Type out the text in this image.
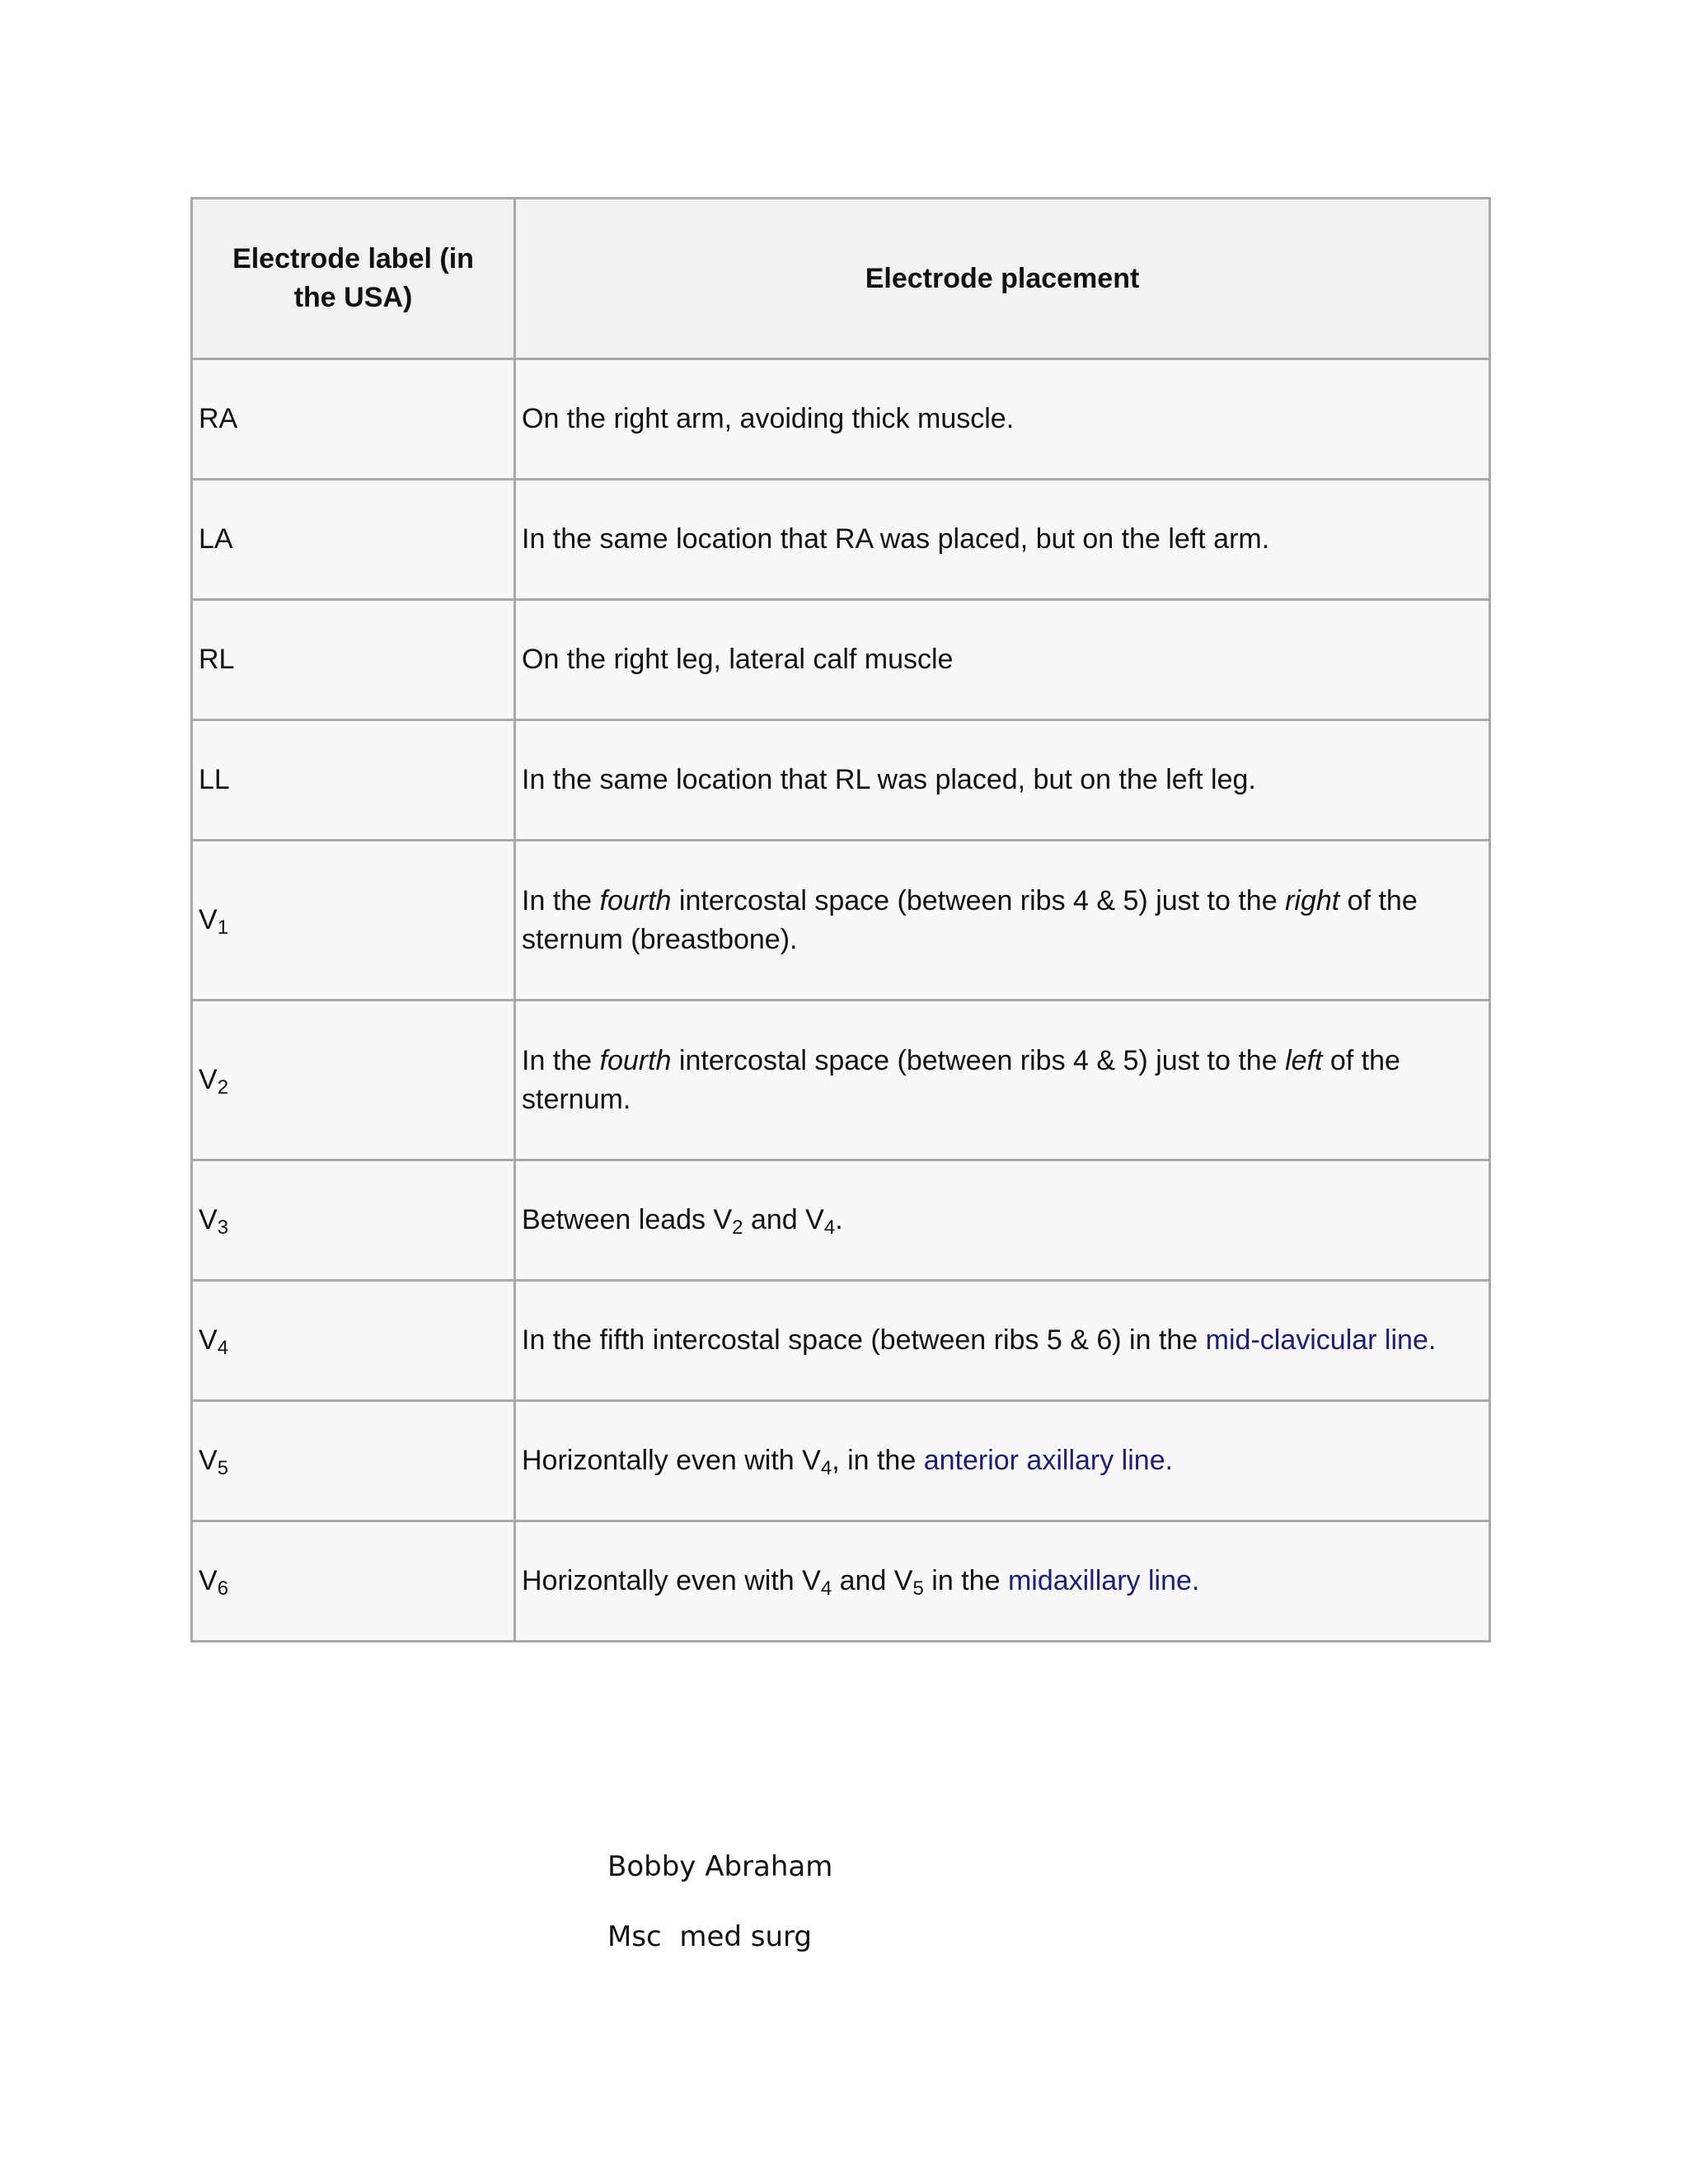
Electrode label (in the USA)	Electrode placement
RA	On the right arm, avoiding thick muscle.
LA	In the same location that RA was placed, but on the left arm.
RL	On the right leg, lateral calf muscle
LL	In the same location that RL was placed, but on the left leg.
$V_1$	In the fourth intercostal space (between ribs 4 & 5) just to the right of the sternum (breastbone).
$V_2$	In the fourth intercostal space (between ribs 4 & 5) just to the left of the sternum.
$V_3$	Between leads $V_2$ and $V_4$.
$V_4$	In the fifth intercostal space (between ribs 5 & 6) in the mid-clavicular line.
$V_5$	Horizontally even with $V_4$, in the anterior axillary line.
$V_6$	Horizontally even with $V_4$ and $V_5$ in the midaxillary line.
Bobby Abraham
Msc  med surg
